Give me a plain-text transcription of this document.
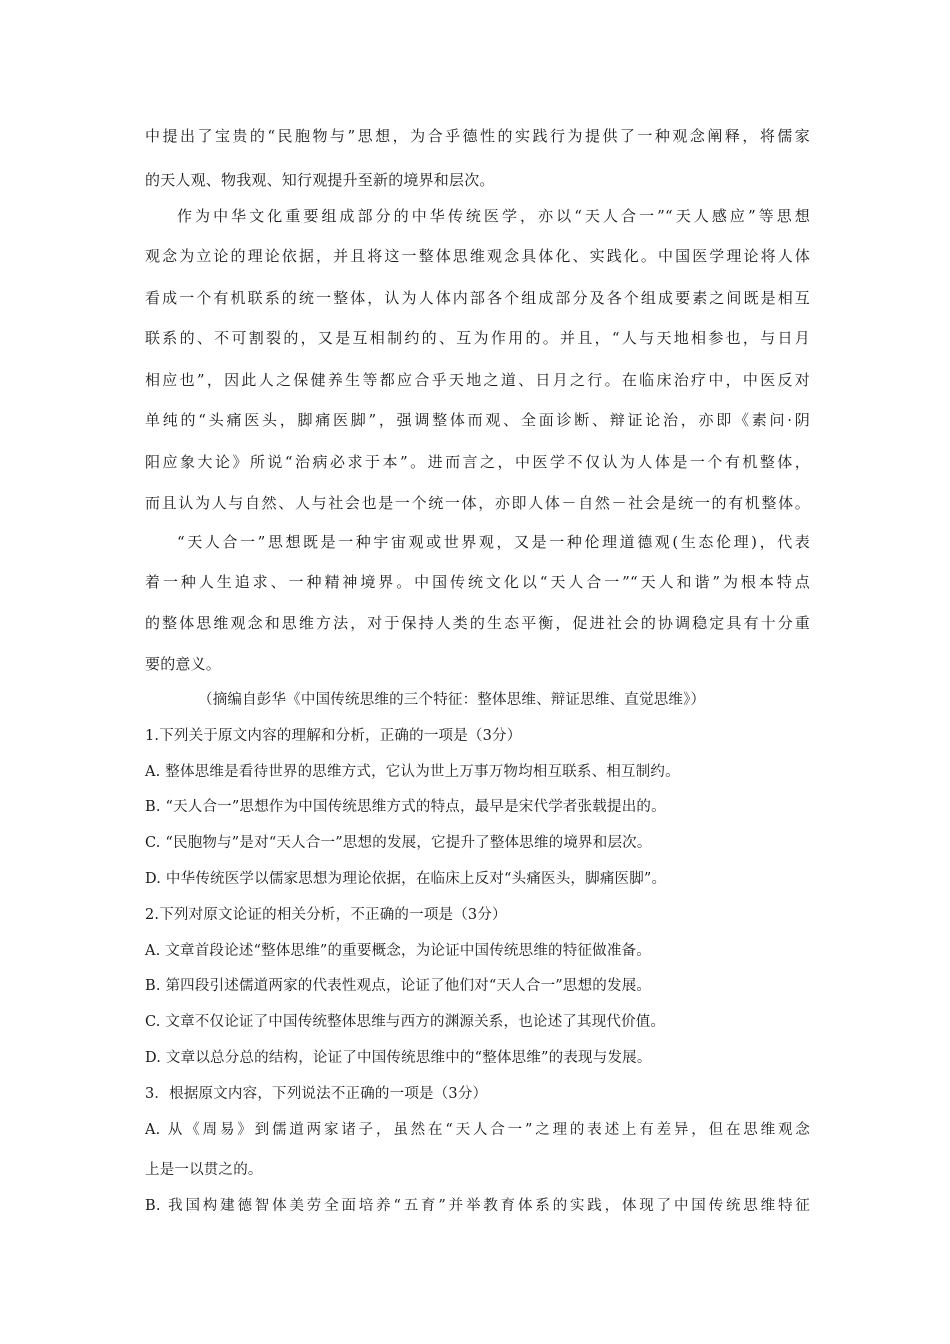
中提出了宝贵的“民胞物与”思想，为合乎德性的实践行为提供了一种观念阐释，将儒家
的天人观、物我观、知行观提升至新的境界和层次。
作为中华文化重要组成部分的中华传统医学，亦以“天人合一”“天人感应”等思想
观念为立论的理论依据，并且将这一整体思维观念具体化、实践化。中国医学理论将人体
看成一个有机联系的统一整体，认为人体内部各个组成部分及各个组成要素之间既是相互
联系的、不可割裂的，又是互相制约的、互为作用的。并且，“人与天地相参也，与日月
相应也”，因此人之保健养生等都应合乎天地之道、日月之行。在临床治疗中，中医反对
单纯的“头痛医头，脚痛医脚”，强调整体而观、全面诊断、辩证论治，亦即《素问·阴
阳应象大论》所说“治病必求于本”。进而言之，中医学不仅认为人体是一个有机整体，
而且认为人与自然、人与社会也是一个统一体，亦即人体－自然－社会是统一的有机整体。
“天人合一”思想既是一种宇宙观或世界观，又是一种伦理道德观(生态伦理)，代表
着一种人生追求、一种精神境界。中国传统文化以“天人合一”“天人和谐”为根本特点
的整体思维观念和思维方法，对于保持人类的生态平衡，促进社会的协调稳定具有十分重
要的意义。
（摘编自彭华《中国传统思维的三个特征：整体思维、辩证思维、直觉思维》）
1.下列关于原文内容的理解和分析，正确的一项是（3分）
A. 整体思维是看待世界的思维方式，它认为世上万事万物均相互联系、相互制约。
B. “天人合一”思想作为中国传统思维方式的特点，最早是宋代学者张载提出的。
C. “民胞物与”是对“天人合一”思想的发展，它提升了整体思维的境界和层次。
D. 中华传统医学以儒家思想为理论依据，在临床上反对“头痛医头，脚痛医脚”。
2.下列对原文论证的相关分析，不正确的一项是（3分）
A. 文章首段论述“整体思维”的重要概念，为论证中国传统思维的特征做准备。
B. 第四段引述儒道两家的代表性观点，论证了他们对“天人合一”思想的发展。
C. 文章不仅论证了中国传统整体思维与西方的渊源关系，也论述了其现代价值。
D. 文章以总分总的结构，论证了中国传统思维中的“整体思维”的表现与发展。
3．根据原文内容，下列说法不正确的一项是（3分）
A. 从《周易》到儒道两家诸子，虽然在“天人合一”之理的表述上有差异，但在思维观念
上是一以贯之的。
B. 我国构建德智体美劳全面培养“五育”并举教育体系的实践，体现了中国传统思维特征
